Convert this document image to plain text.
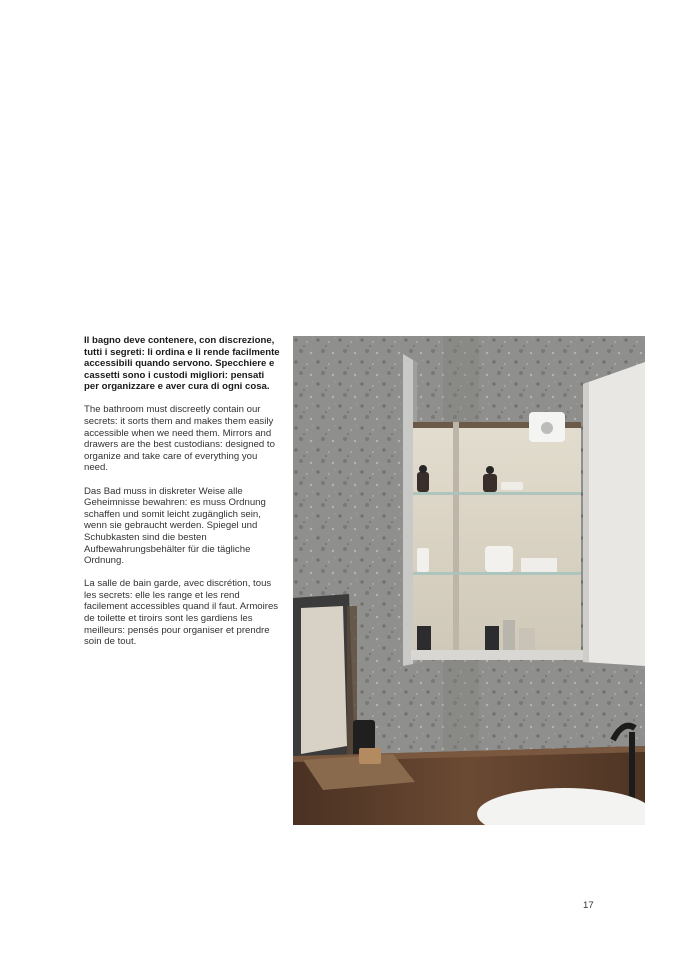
Il bagno deve contenere, con discrezione, tutti i segreti: li ordina e li rende facilmente accessibili quando servono. Specchiere e cassetti sono i custodi migliori: pensati per organizzare e aver cura di ogni cosa.

The bathroom must discreetly contain our secrets: it sorts them and makes them easily accessible when we need them. Mirrors and drawers are the best custodians: designed to organize and take care of everything you need.

Das Bad muss in diskreter Weise alle Geheimnisse bewahren: es muss Ordnung schaffen und somit leicht zugänglich sein, wenn sie gebraucht werden. Spiegel und Schubkasten sind die besten Aufbewahrungsbehälter für die tägliche Ordnung.

La salle de bain garde, avec discrétion, tous les secrets: elle les range et les rend facilement accessibles quand il faut. Armoires de toilette et tiroirs sont les gardiens les meilleurs: pensés pour organiser et prendre soin de tout.

17
